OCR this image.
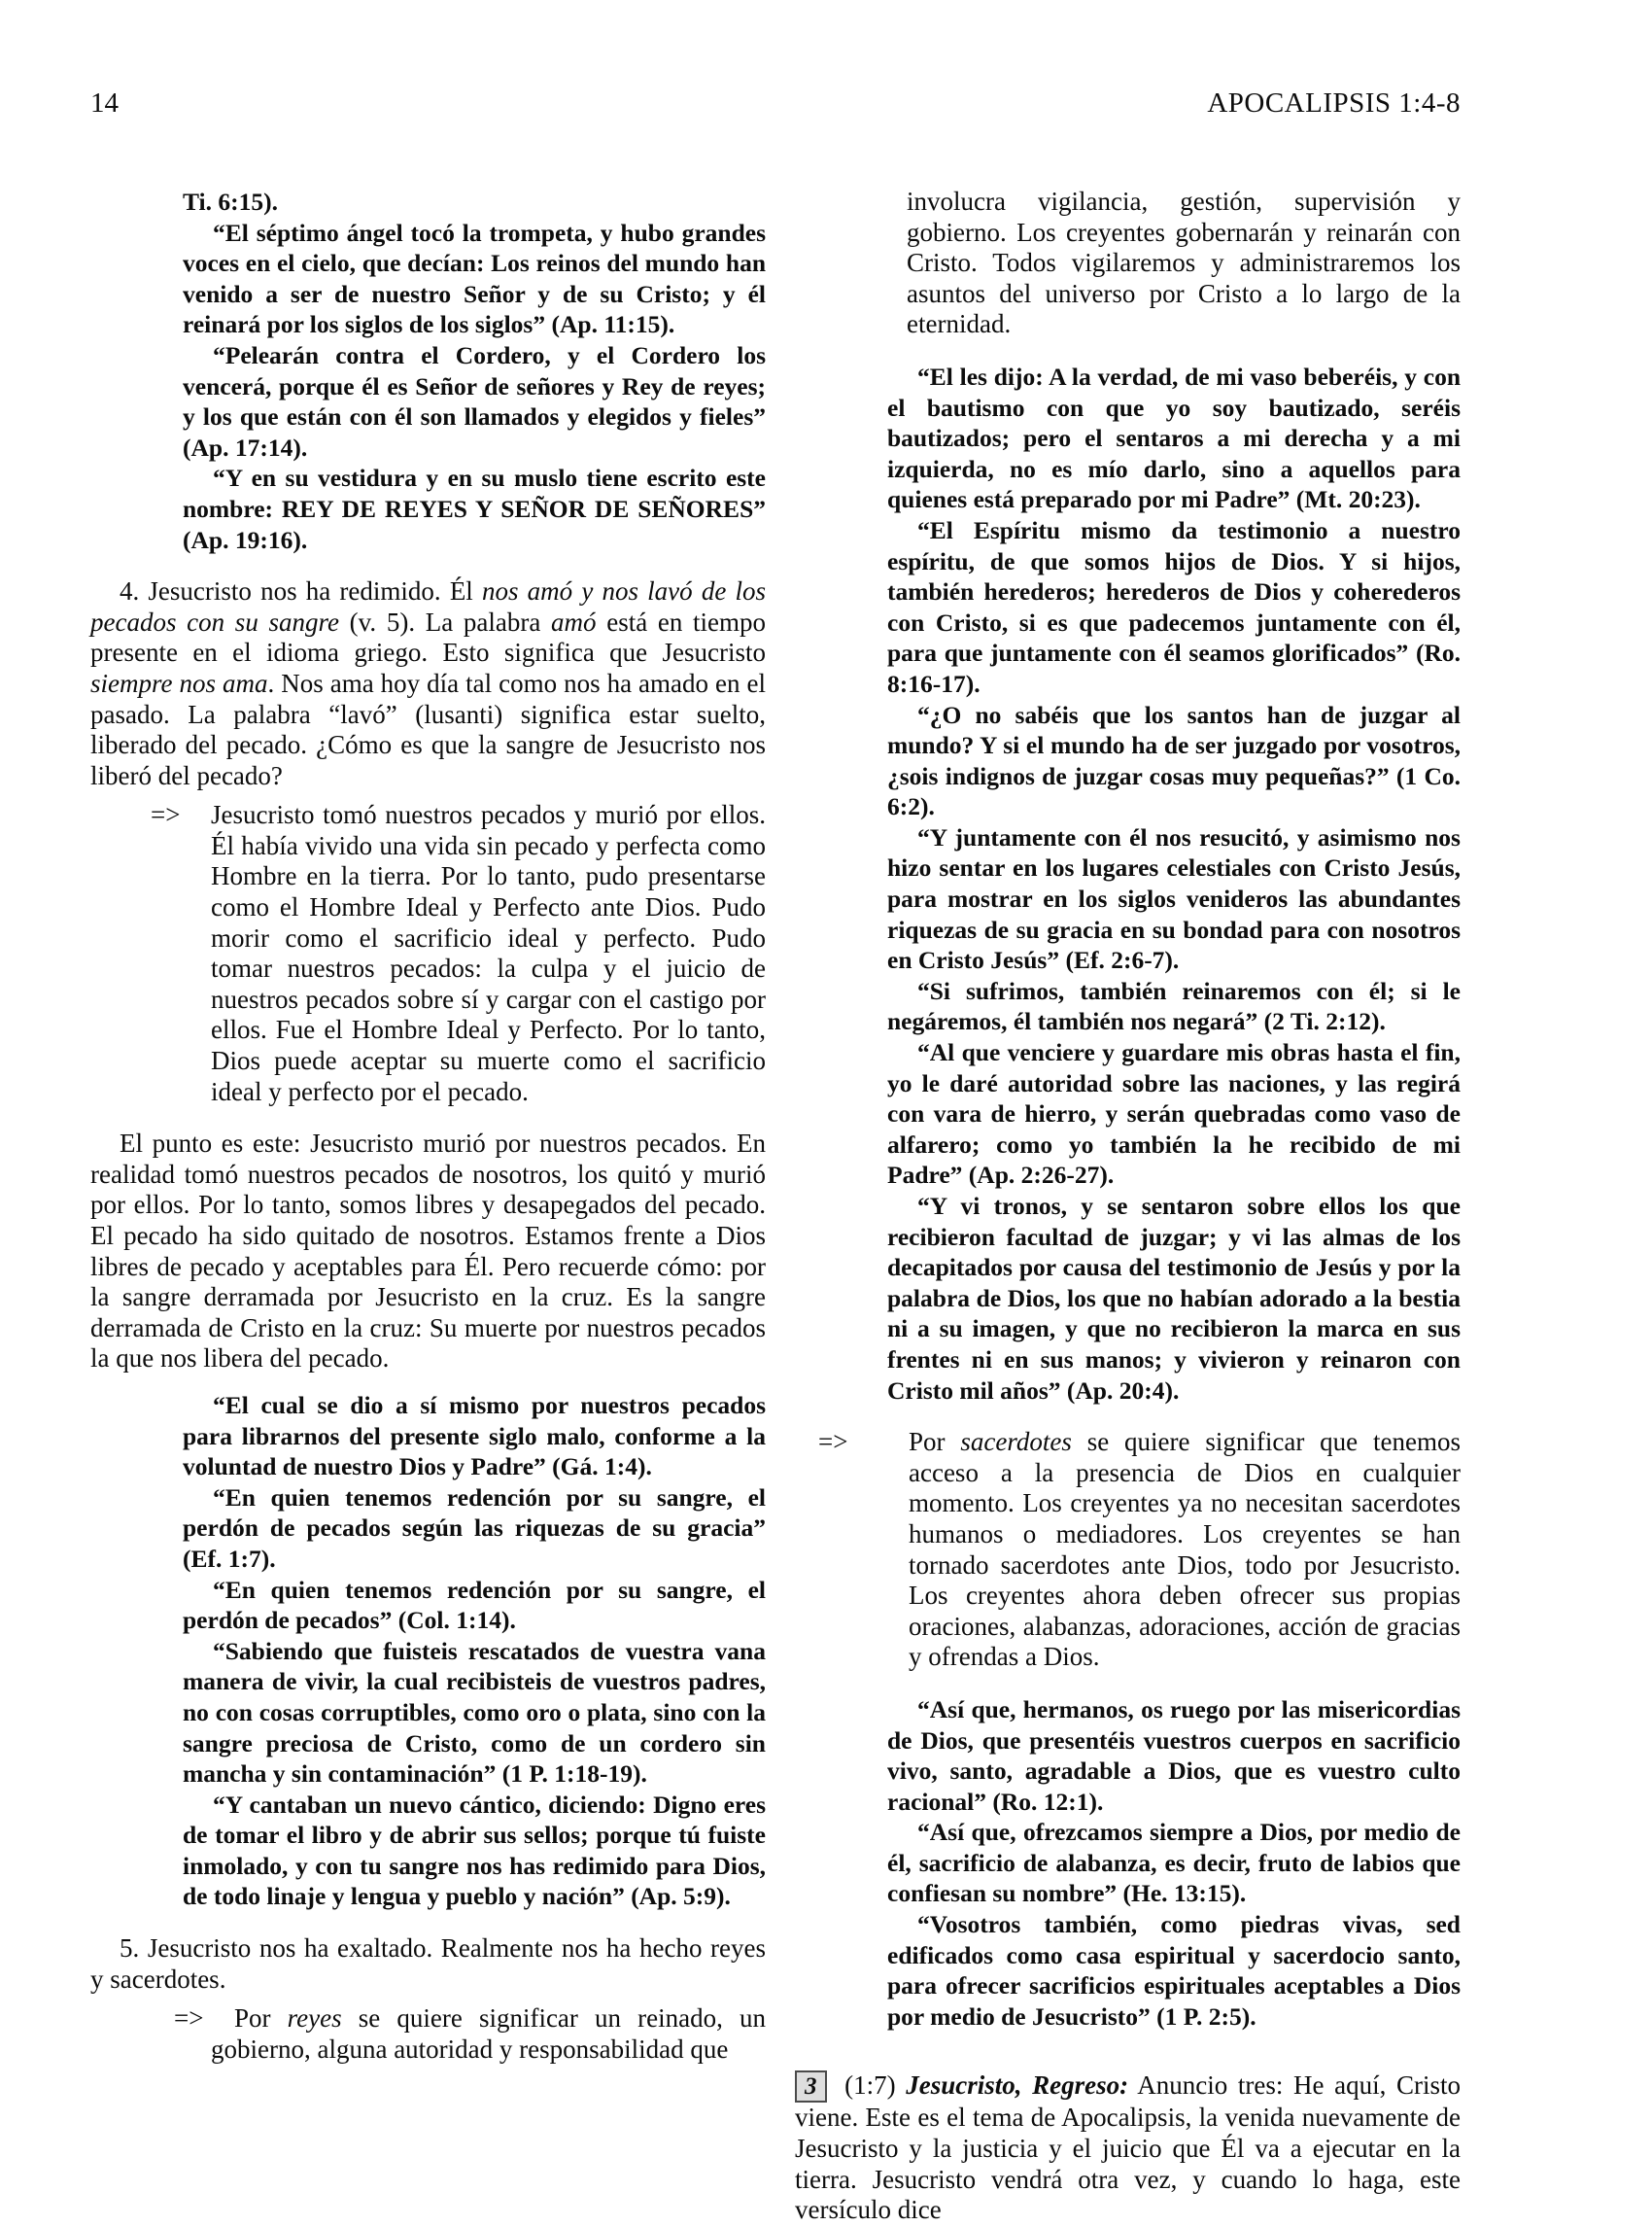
14	APOCALIPSIS 1:4-8

Ti. 6:15).

“El séptimo ángel tocó la trompeta, y hubo grandes voces en el cielo, que decían: Los reinos del mundo han venido a ser de nuestro Señor y de su Cristo; y él reinará por los siglos de los siglos” (Ap. 11:15).

“Pelearán contra el Cordero, y el Cordero los vencerá, porque él es Señor de señores y Rey de reyes; y los que están con él son llamados y elegidos y fieles” (Ap. 17:14).

“Y en su vestidura y en su muslo tiene escrito este nombre: REY DE REYES Y SEÑOR DE SEÑORES” (Ap. 19:16).

4. Jesucristo nos ha redimido. Él nos amó y nos lavó de los pecados con su sangre (v. 5). La palabra amó está en tiempo presente en el idioma griego. Esto significa que Jesucristo siempre nos ama. Nos ama hoy día tal como nos ha amado en el pasado. La palabra “lavó” (lusanti) significa estar suelto, liberado del pecado. ¿Cómo es que la sangre de Jesucristo nos liberó del pecado?

=> Jesucristo tomó nuestros pecados y murió por ellos. Él había vivido una vida sin pecado y perfecta como Hombre en la tierra. Por lo tanto, pudo presentarse como el Hombre Ideal y Perfecto ante Dios. Pudo morir como el sacrificio ideal y perfecto. Pudo tomar nuestros pecados: la culpa y el juicio de nuestros pecados sobre sí y cargar con el castigo por ellos. Fue el Hombre Ideal y Perfecto. Por lo tanto, Dios puede aceptar su muerte como el sacrificio ideal y perfecto por el pecado.

El punto es este: Jesucristo murió por nuestros pecados. En realidad tomó nuestros pecados de nosotros, los quitó y murió por ellos. Por lo tanto, somos libres y desapegados del pecado. El pecado ha sido quitado de nosotros. Estamos frente a Dios libres de pecado y aceptables para Él. Pero recuerde cómo: por la sangre derramada por Jesucristo en la cruz. Es la sangre derramada de Cristo en la cruz: Su muerte por nuestros pecados la que nos libera del pecado.

“El cual se dio a sí mismo por nuestros pecados para librarnos del presente siglo malo, conforme a la voluntad de nuestro Dios y Padre” (Gá. 1:4).

“En quien tenemos redención por su sangre, el perdón de pecados según las riquezas de su gracia” (Ef. 1:7).

“En quien tenemos redención por su sangre, el perdón de pecados” (Col. 1:14).

“Sabiendo que fuisteis rescatados de vuestra vana manera de vivir, la cual recibisteis de vuestros padres, no con cosas corruptibles, como oro o plata, sino con la sangre preciosa de Cristo, como de un cordero sin mancha y sin contaminación” (1 P. 1:18-19).

“Y cantaban un nuevo cántico, diciendo: Digno eres de tomar el libro y de abrir sus sellos; porque tú fuiste inmolado, y con tu sangre nos has redimido para Dios, de todo linaje y lengua y pueblo y nación” (Ap. 5:9).

5. Jesucristo nos ha exaltado. Realmente nos ha hecho reyes y sacerdotes.

=> Por reyes se quiere significar un reinado, un gobierno, alguna autoridad y responsabilidad que

involucra vigilancia, gestión, supervisión y gobierno. Los creyentes gobernarán y reinarán con Cristo. Todos vigilaremos y administraremos los asuntos del universo por Cristo a lo largo de la eternidad.

“El les dijo: A la verdad, de mi vaso beberéis, y con el bautismo con que yo soy bautizado, seréis bautizados; pero el sentaros a mi derecha y a mi izquierda, no es mío darlo, sino a aquellos para quienes está preparado por mi Padre” (Mt. 20:23).

“El Espíritu mismo da testimonio a nuestro espíritu, de que somos hijos de Dios. Y si hijos, también herederos; herederos de Dios y coherederos con Cristo, si es que padecemos juntamente con él, para que juntamente con él seamos glorificados” (Ro. 8:16-17).

“¿O no sabéis que los santos han de juzgar al mundo? Y si el mundo ha de ser juzgado por vosotros, ¿sois indignos de juzgar cosas muy pequeñas?” (1 Co. 6:2).

“Y juntamente con él nos resucitó, y asimismo nos hizo sentar en los lugares celestiales con Cristo Jesús, para mostrar en los siglos venideros las abundantes riquezas de su gracia en su bondad para con nosotros en Cristo Jesús” (Ef. 2:6-7).

“Si sufrimos, también reinaremos con él; si le negáremos, él también nos negará” (2 Ti. 2:12).

“Al que venciere y guardare mis obras hasta el fin, yo le daré autoridad sobre las naciones, y las regirá con vara de hierro, y serán quebradas como vaso de alfarero; como yo también la he recibido de mi Padre” (Ap. 2:26-27).

“Y vi tronos, y se sentaron sobre ellos los que recibieron facultad de juzgar; y vi las almas de los decapitados por causa del testimonio de Jesús y por la palabra de Dios, los que no habían adorado a la bestia ni a su imagen, y que no recibieron la marca en sus frentes ni en sus manos; y vivieron y reinaron con Cristo mil años” (Ap. 20:4).

=> Por sacerdotes se quiere significar que tenemos acceso a la presencia de Dios en cualquier momento. Los creyentes ya no necesitan sacerdotes humanos o mediadores. Los creyentes se han tornado sacerdotes ante Dios, todo por Jesucristo. Los creyentes ahora deben ofrecer sus propias oraciones, alabanzas, adoraciones, acción de gracias y ofrendas a Dios.

“Así que, hermanos, os ruego por las misericordias de Dios, que presentéis vuestros cuerpos en sacrificio vivo, santo, agradable a Dios, que es vuestro culto racional” (Ro. 12:1).

“Así que, ofrezcamos siempre a Dios, por medio de él, sacrificio de alabanza, es decir, fruto de labios que confiesan su nombre” (He. 13:15).

“Vosotros también, como piedras vivas, sed edificados como casa espiritual y sacerdocio santo, para ofrecer sacrificios espirituales aceptables a Dios por medio de Jesucristo” (1 P. 2:5).

3 (1:7) Jesucristo, Regreso: Anuncio tres: He aquí, Cristo viene. Este es el tema de Apocalipsis, la venida nuevamente de Jesucristo y la justicia y el juicio que Él va a ejecutar en la tierra. Jesucristo vendrá otra vez, y cuando lo haga, este versículo dice
